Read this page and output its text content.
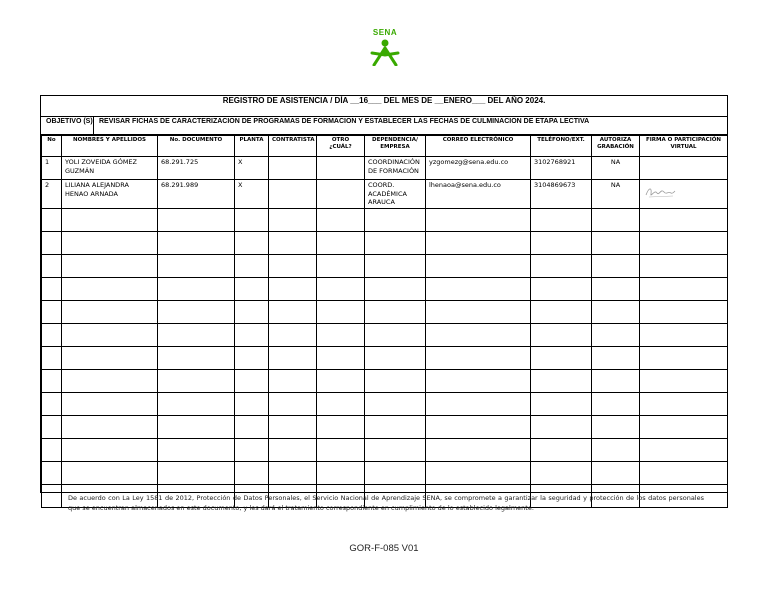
SENA
REGISTRO DE ASISTENCIA / DÍA __16___ DEL MES DE __ENERO___ DEL AÑO 2024.
OBJETIVO (S) REVISAR FICHAS DE CARACTERIZACION DE PROGRAMAS DE FORMACION Y ESTABLECER LAS FECHAS DE CULMINACION DE ETAPA LECTIVA
No	NOMBRES Y APELLIDOS	No. DOCUMENTO	PLANTA	CONTRATISTA	OTRO ¿CUÁL?	DEPENDENCIA/ EMPRESA	CORREO ELECTRÓNICO	TELÉFONO/EXT.	AUTORIZA GRABACIÓN	FIRMA O PARTICIPACIÓN VIRTUAL
1	YOLI ZOVEIDA GÓMEZ GUZMÁN	68.291.725	X			COORDINACIÓN DE FORMACIÓN	yzgomezg@sena.edu.co	3102768921	NA	
2	LILIANA ALEJANDRA HENAO ARNADA	68.291.989	X			COORD. ACADÉMICA ARAUCA	lhenaoa@sena.edu.co	3104869673	NA	

De acuerdo con La Ley 1581 de 2012, Protección de Datos Personales, el Servicio Nacional de Aprendizaje SENA, se compromete a garantizar la seguridad y protección de los datos personales que se encuentran almacenados en este documento, y les dará el tratamiento correspondiente en cumplimiento de lo establecido legalmente.
GOR-F-085 V01
